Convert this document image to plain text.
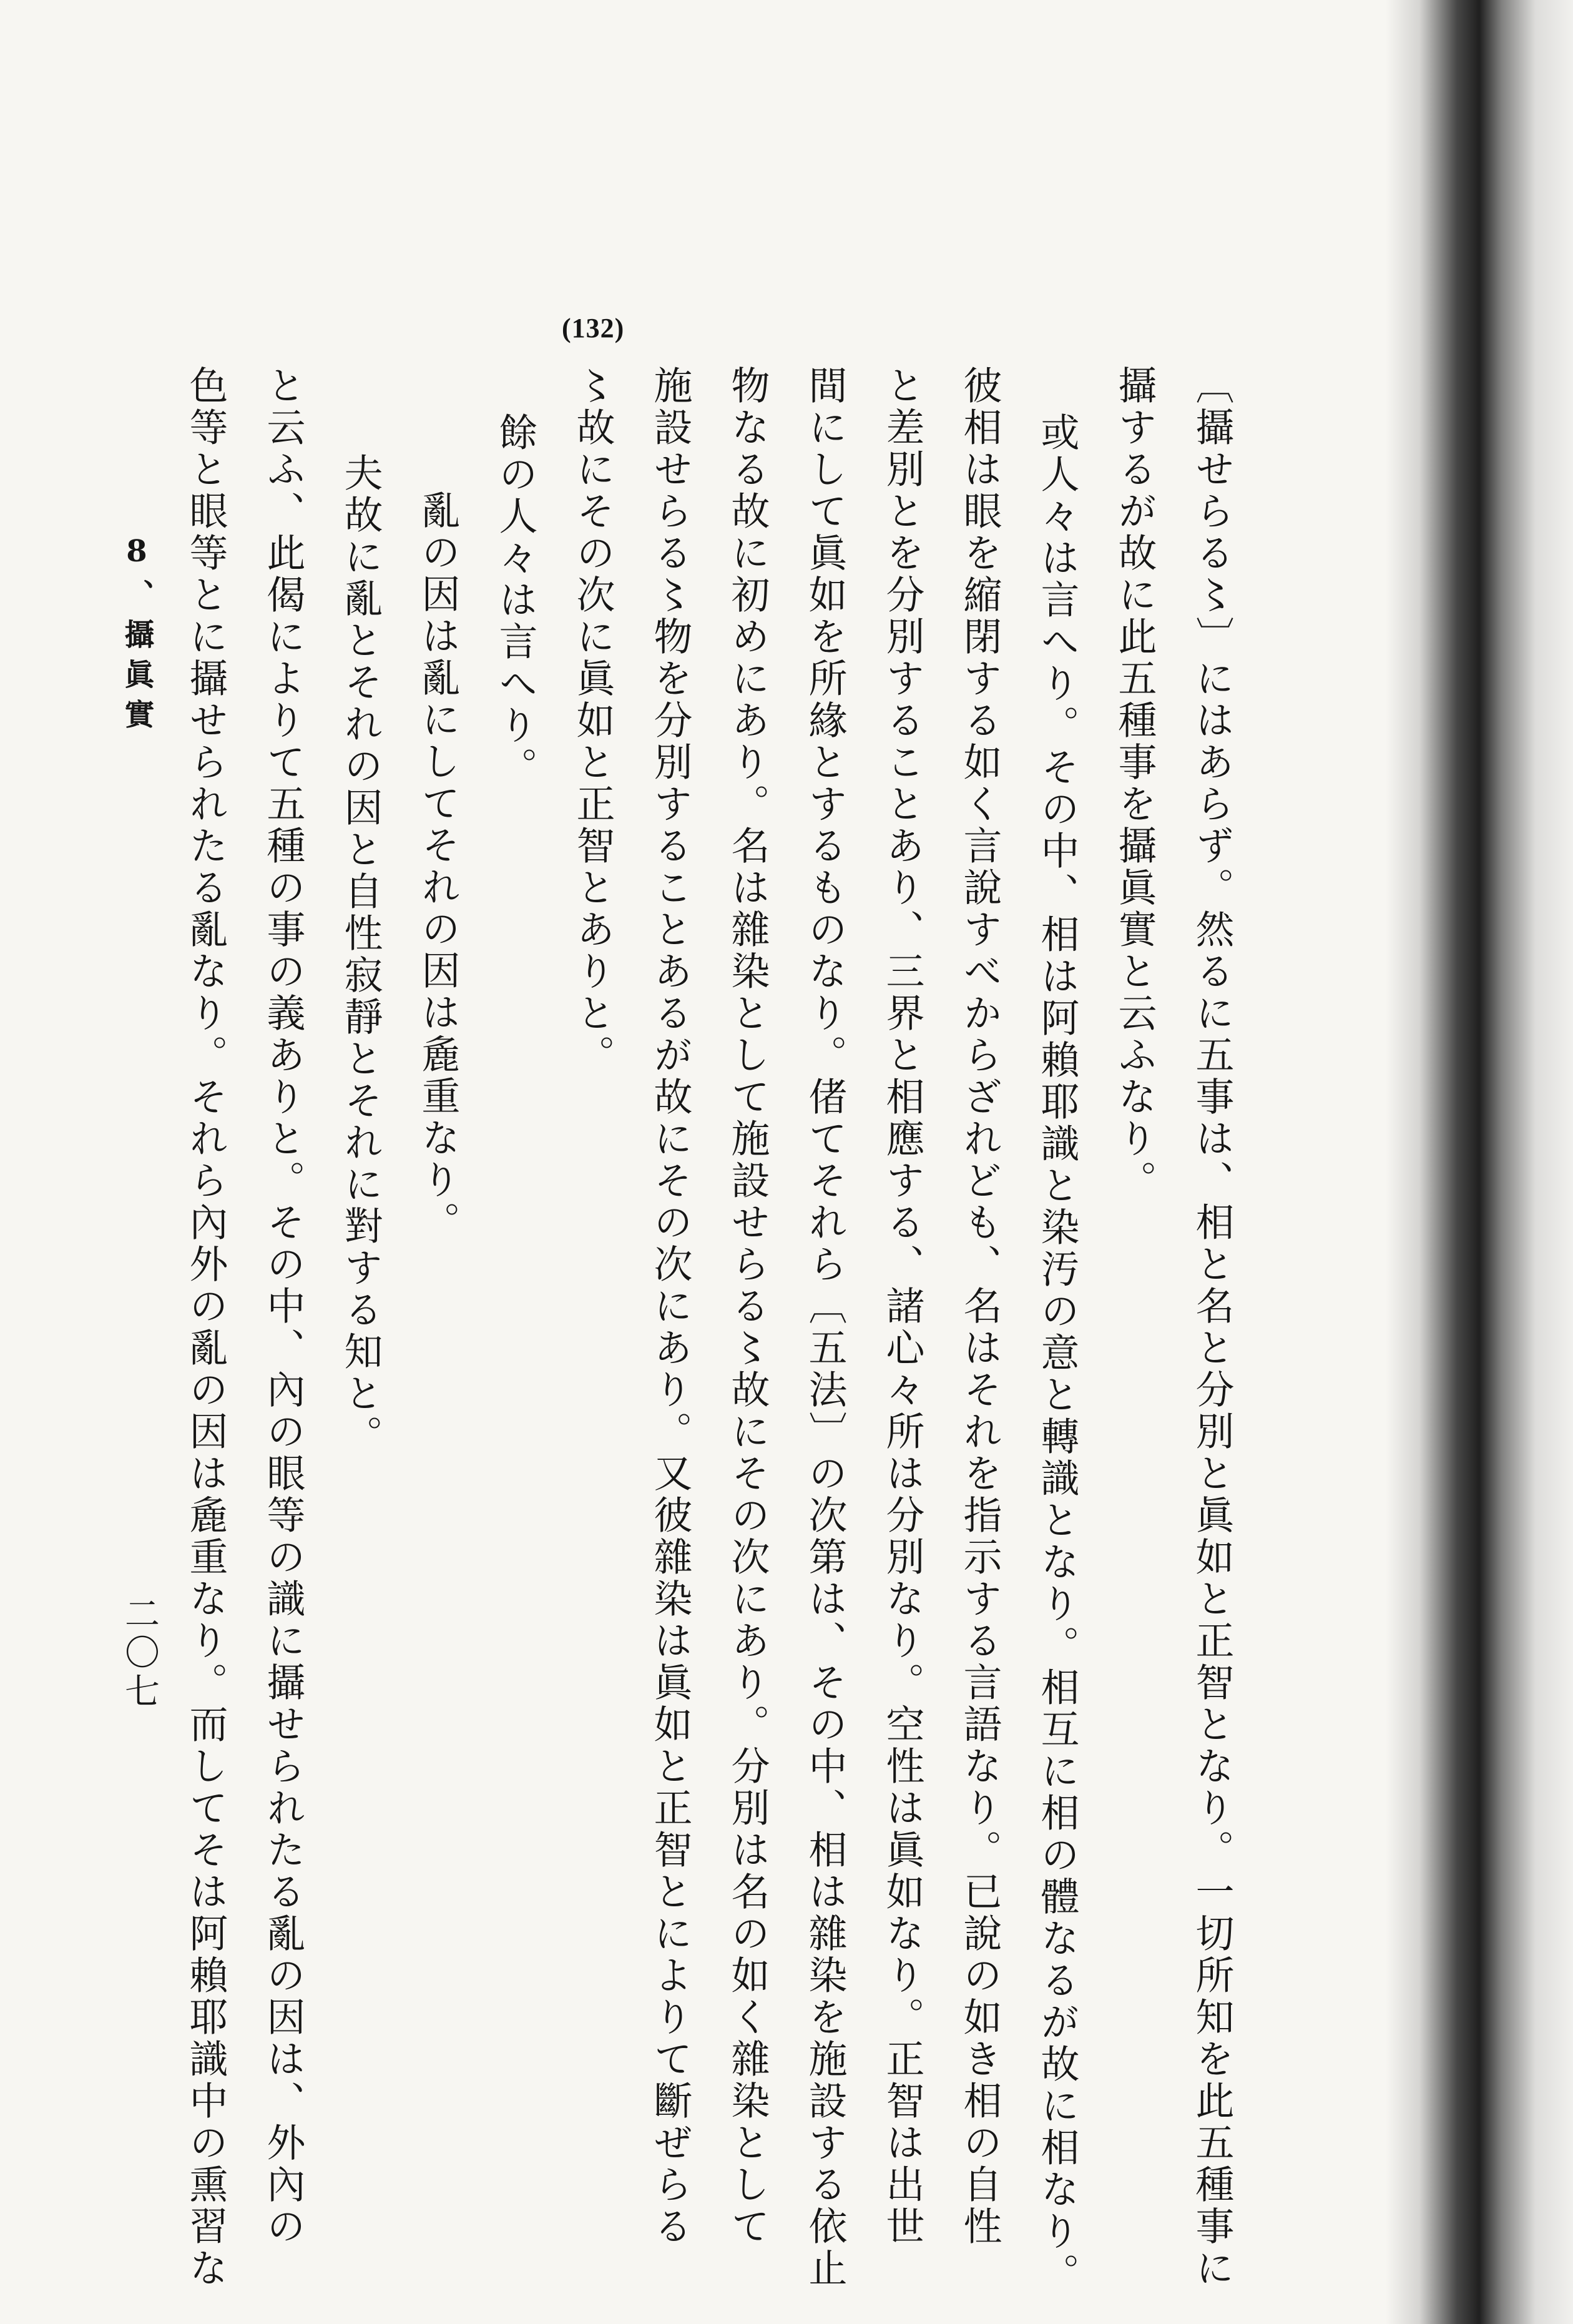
(132)
〔攝せらる〻〕にはあらず。然るに五事は、相と名と分別と眞如と正智となり。一切所知を此五種事に
攝するが故に此五種事を攝眞實と云ふなり。
或人々は言へり。その中、相は阿賴耶識と染汚の意と轉識となり。相互に相の體なるが故に相なり。
彼相は眼を縮閉する如く言說すべからざれども、名はそれを指示する言語なり。已說の如き相の自性
と差別とを分別することあり、三界と相應する、諸心々所は分別なり。空性は眞如なり。正智は出世
間にして眞如を所緣とするものなり。偖てそれら〔五法〕の次第は、その中、相は雜染を施設する依止
物なる故に初めにあり。名は雜染として施設せらる〻故にその次にあり。分別は名の如く雜染として
施設せらる〻物を分別することあるが故にその次にあり。又彼雜染は眞如と正智とによりて斷ぜらる
〻故にその次に眞如と正智とありと。
餘の人々は言へり。
亂の因は亂にしてそれの因は麁重なり。
夫故に亂とそれの因と自性寂靜とそれに對する知と。
と云ふ、此偈によりて五種の事の義ありと。その中、內の眼等の識に攝せられたる亂の因は、外內の
色等と眼等とに攝せられたる亂なり。それら內外の亂の因は麁重なり。而してそは阿賴耶識中の熏習な
8、攝眞實
二〇七
